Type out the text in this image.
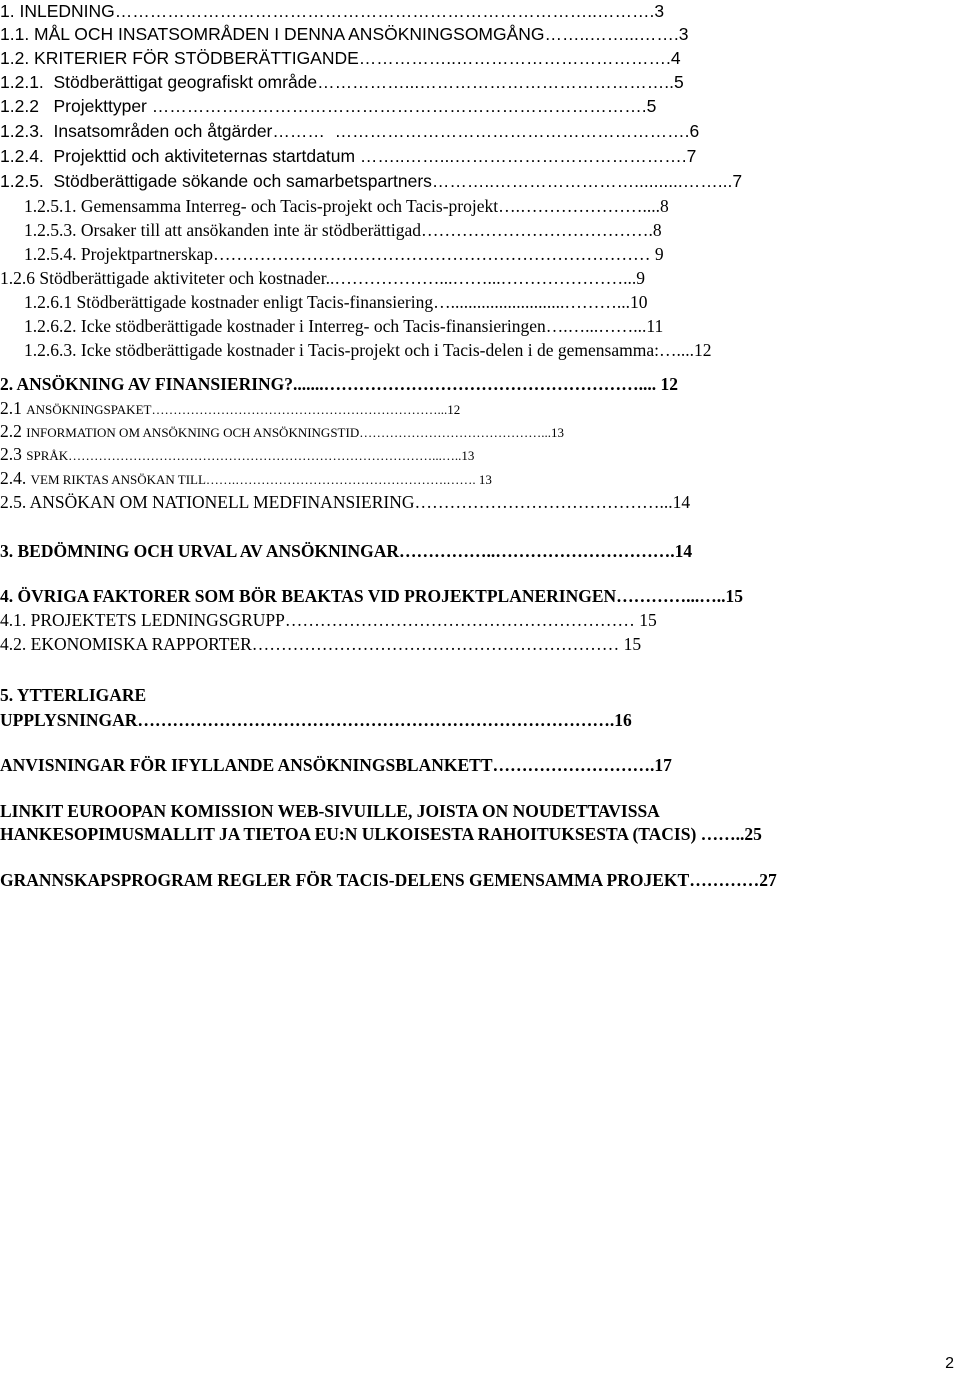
1. INLEDNING………………………………………………………………………..……….3
1.1. MÅL OCH INSATSOMRÅDEN I DENNA ANSÖKNINGSOMGÅNG……..……...…….3
1.2. KRITERIER FÖR STÖDBERÄTTIGANDE……………..……………………………….4
1.2.1.  Stödberättigat geografiskt område……………...……………………………………..5
1.2.2   Projekttyper ………………………………………………………………………….5
1.2.3.  Insatsområden och åtgärder………  …………………………………………………….6
1.2.4.  Projekttid och aktiviteternas startdatum ……..……...………………………………….7
1.2.5.  Stödberättigade sökande och samarbetspartners………..……………………..........……...7
1.2.5.1. Gemensamma Interreg- och Tacis-projekt och Tacis-projekt….…………………....8
1.2.5.3. Orsaker till att ansökanden inte är stödberättigad………………………………….8
1.2.5.4. Projektpartnerskap………………………………………………………………… 9
1.2.6 Stödberättigade aktiviteter och kostnader..………………...……...…………………...9
1.2.6.1 Stödberättigade kostnader enligt Tacis-finansiering…..........................………...10
1.2.6.2. Icke stödberättigade kostnader i Interreg- och Tacis-finansieringen….…...……...11
1.2.6.3. Icke stödberättigade kostnader i Tacis-projekt och i Tacis-delen i de gemensamma:…....12
2. ANSÖKNING AV FINANSIERING?.......……………………………………………….... 12
2.1 ANSÖKNINGSPAKET…………………………………………………………...12
2.2 INFORMATION OM ANSÖKNING OCH ANSÖKNINGSTID……………………………………...13
2.3 SPRÅK…………………………………………………………………………...…..13
2.4. VEM RIKTAS ANSÖKAN TILL…….………………………………………….……. 13
2.5. ANSÖKAN OM NATIONELL MEDFINANSIERING……………………………………...14
3. BEDÖMNING OCH URVAL AV ANSÖKNINGAR……………..………………………….14
4. ÖVRIGA FAKTORER SOM BÖR BEAKTAS VID PROJEKTPLANERINGEN…………...…..15
4.1. PROJEKTETS LEDNINGSGRUPP…………………………………………………… 15
4.2. EKONOMISKA RAPPORTER……………………………………………………… 15
5. YTTERLIGARE
UPPLYSNINGAR……………………………………………………………………….16
ANVISNINGAR FÖR IFYLLANDE ANSÖKNINGSBLANKETT……………………….17
LINKIT EUROOPAN KOMISSION WEB-SIVUILLE, JOISTA ON NOUDETTAVISSA
HANKESOPIMUSMALLIT JA TIETOA EU:N ULKOISESTA RAHOITUKSESTA (TACIS) ……..25
GRANNSKAPSPROGRAM REGLER FÖR TACIS-DELENS GEMENSAMMA PROJEKT…………27
2
